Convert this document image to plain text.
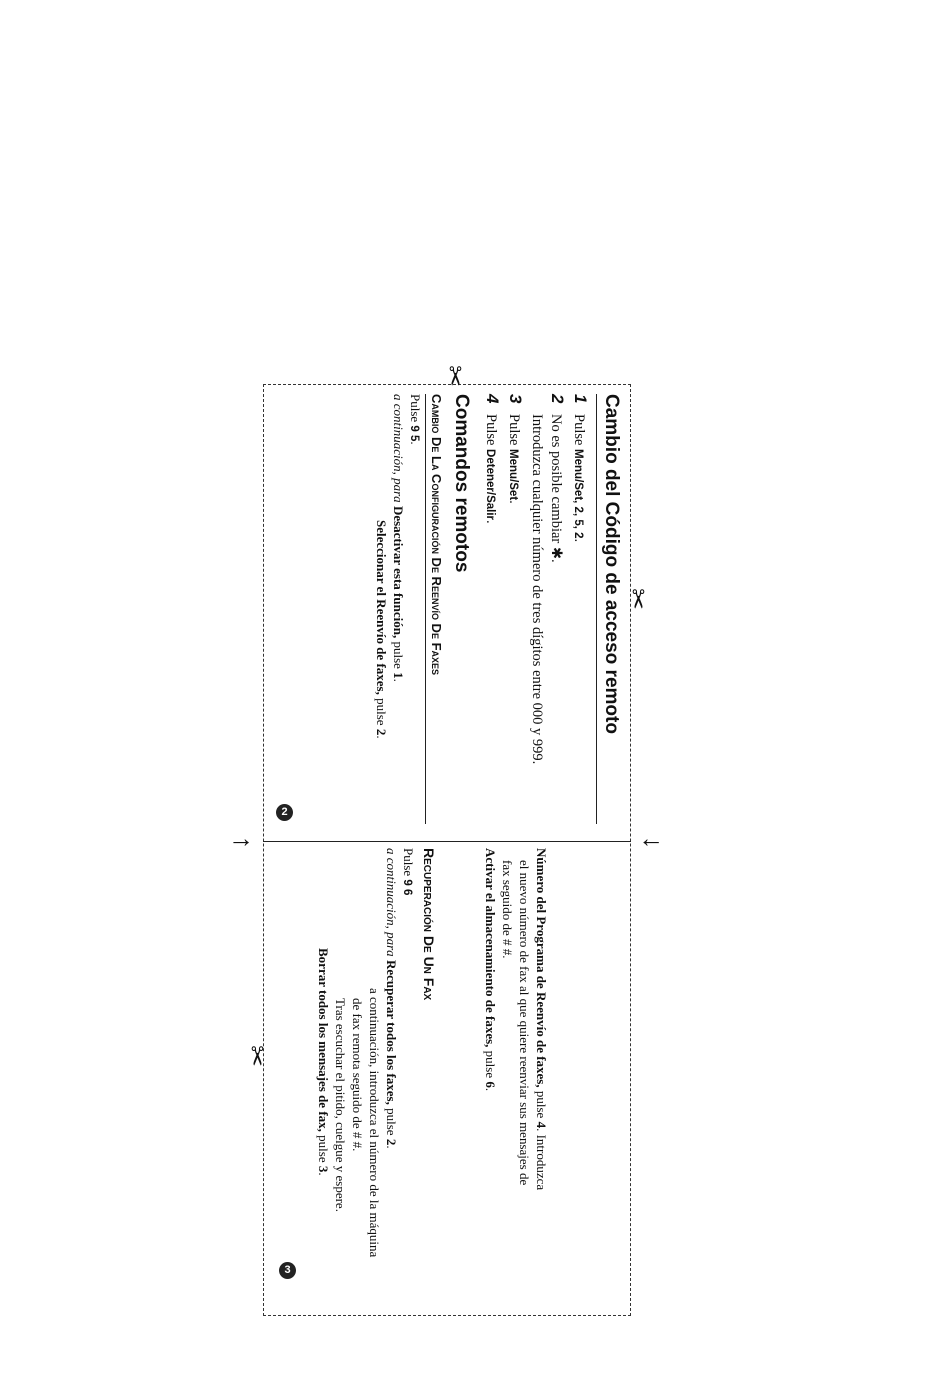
✂
✂
✂
→	←
Cambio del Código de acceso remoto
1
Pulse Menu/Set, 2, 5, 2.
2
No es posible cambiar ✱.
Introduzca cualquier número de tres dígitos entre 000 y 999.
3
Pulse Menu/Set.
4
Pulse Detener/Salir.
Comandos remotos
Cambio De La Configuración De Reenvío De Faxes
Pulse 9 5.
a continuación, para Desactivar esta función, pulse 1.
Seleccionar el Reenvío de faxes, pulse 2.
2
Número del Programa de Reenvío de faxes, pulse 4. Introduzca
el nuevo número de fax al que quiere reenviar sus mensajes de
fax seguido de # #.
Activar el almacenamiento de faxes, pulse 6.
Recuperación De Un Fax
Pulse 9 6
a continuación, para Recuperar todos los faxes, pulse 2.
a continuación, introduzca el número de la máquina
de fax remota seguido de # #.
Tras escuchar el pitido, cuelgue y espere.
Borrar todos los mensajes de fax, pulse 3.
3
